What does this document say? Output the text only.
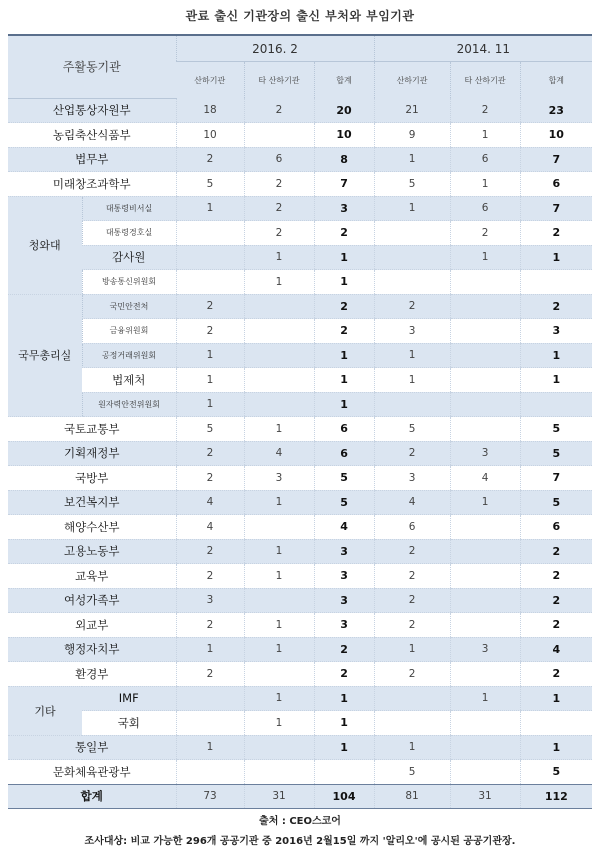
관료 출신 기관장의 출신 부처와 부임기관
주활동기관		2016. 2			2014. 11		
		산하기관	타 산하기관	합계	산하기관	타 산하기관	합계
산업통상자원부		18	2	20	21	2	23
농림축산식품부		10		10	9	1	10
법무부		2	6	8	1	6	7
미래창조과학부		5	2	7	5	1	6
청와대	대통령비서실	1	2	3	1	6	7
	대통령경호실		2	2		2	2
	감사원		1	1		1	1
	방송통신위원회		1	1			
국무총리실	국민안전처	2		2	2		2
	금융위원회	2		2	3		3
	공정거래위원회	1		1	1		1
	법제처	1		1	1		1
	원자력안전위원회	1		1			
국토교통부		5	1	6	5		5
기획재정부		2	4	6	2	3	5
국방부		2	3	5	3	4	7
보건복지부		4	1	5	4	1	5
해양수산부		4		4	6		6
고용노동부		2	1	3	2		2
교육부		2	1	3	2		2
여성가족부		3		3	2		2
외교부		2	1	3	2		2
행정자치부		1	1	2	1	3	4
환경부		2		2	2		2
기타	IMF		1	1		1	1
	국회		1	1			
통일부		1		1	1		1
문화체육관광부					5		5
합계		73	31	104	81	31	112
출처 : CEO스코어
조사대상: 비교 가능한 296개 공공기관 중 2016년 2월15일 까지 '알리오'에 공시된 공공기관장.
